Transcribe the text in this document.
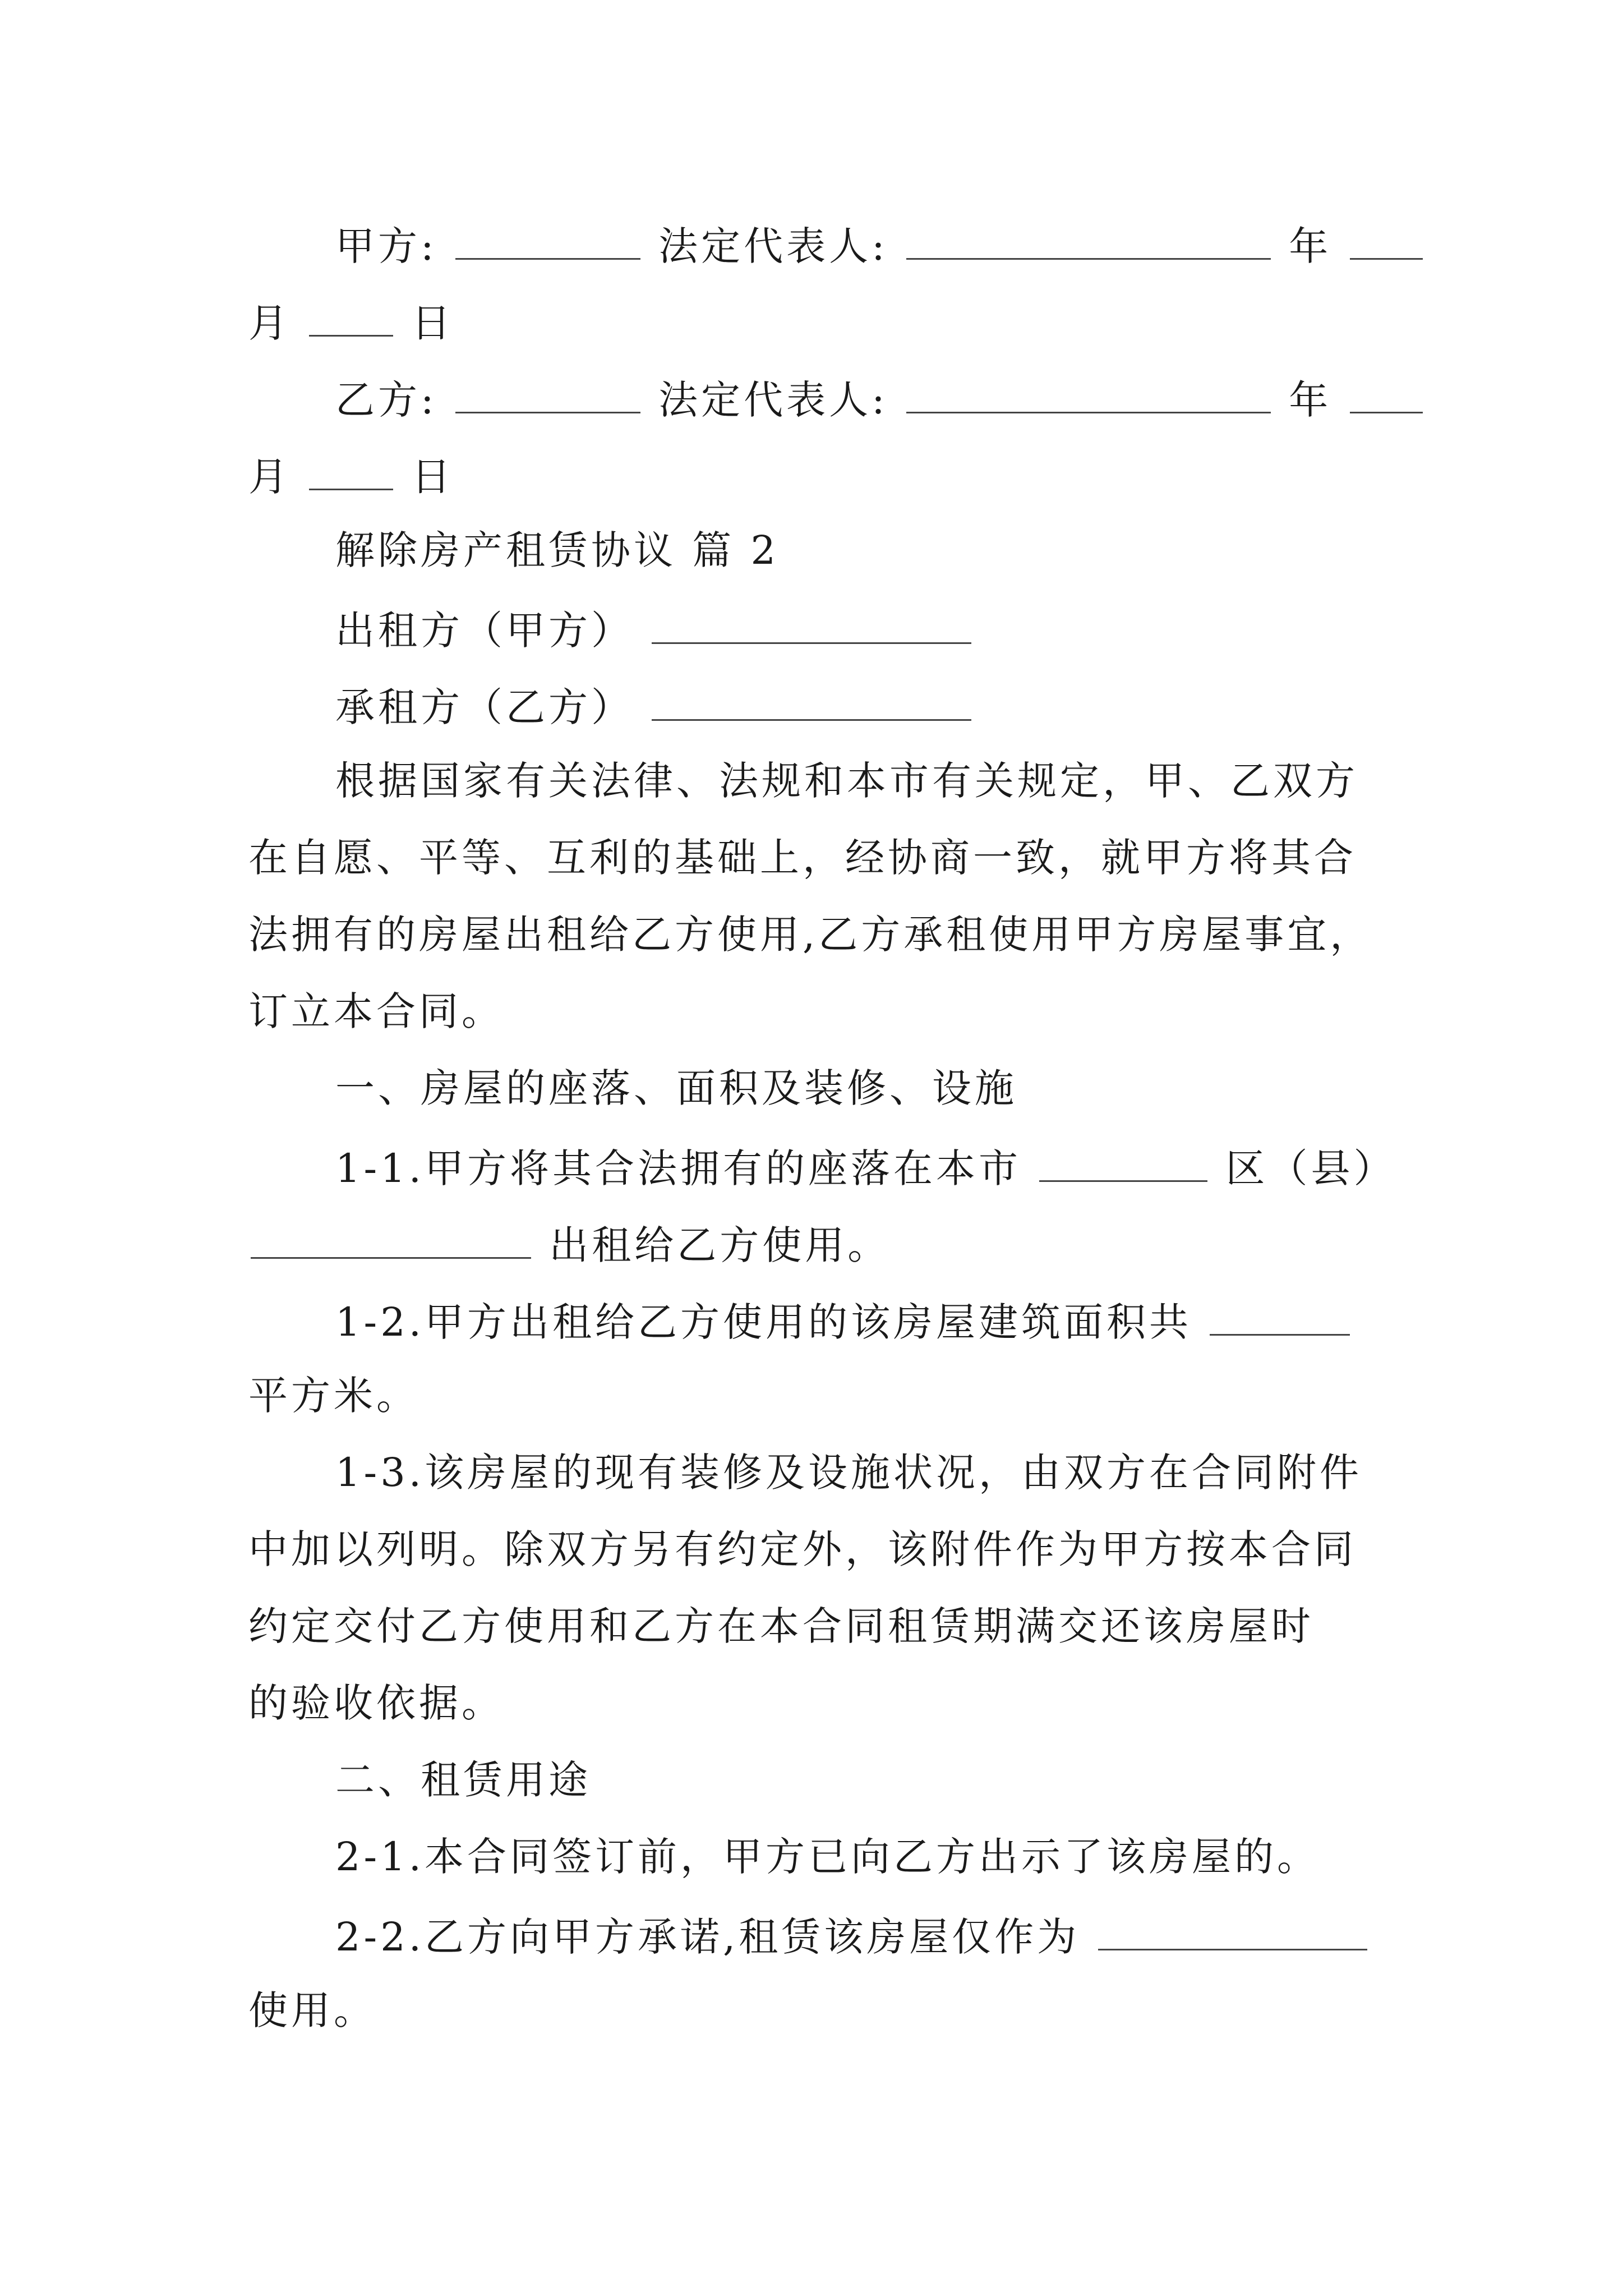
甲方:	法定代表人:	年
月	日
乙方:	法定代表人:	年
月	日
解除房产租赁协议 篇 2
出租方（甲方）
承租方（乙方）
根据国家有关法律、法规和本市有关规定，甲、乙双方
在自愿、平等、互利的基础上，经协商一致，就甲方将其合
法拥有的房屋出租给乙方使用,乙方承租使用甲方房屋事宜，
订立本合同。
一、房屋的座落、面积及装修、设施
1-1.甲方将其合法拥有的座落在本市	区（县）
出租给乙方使用。
1-2.甲方出租给乙方使用的该房屋建筑面积共
平方米。
1-3.该房屋的现有装修及设施状况，由双方在合同附件
中加以列明。除双方另有约定外，该附件作为甲方按本合同
约定交付乙方使用和乙方在本合同租赁期满交还该房屋时
的验收依据。
二、租赁用途
2-1.本合同签订前，甲方已向乙方出示了该房屋的。
2-2.乙方向甲方承诺,租赁该房屋仅作为
使用。
